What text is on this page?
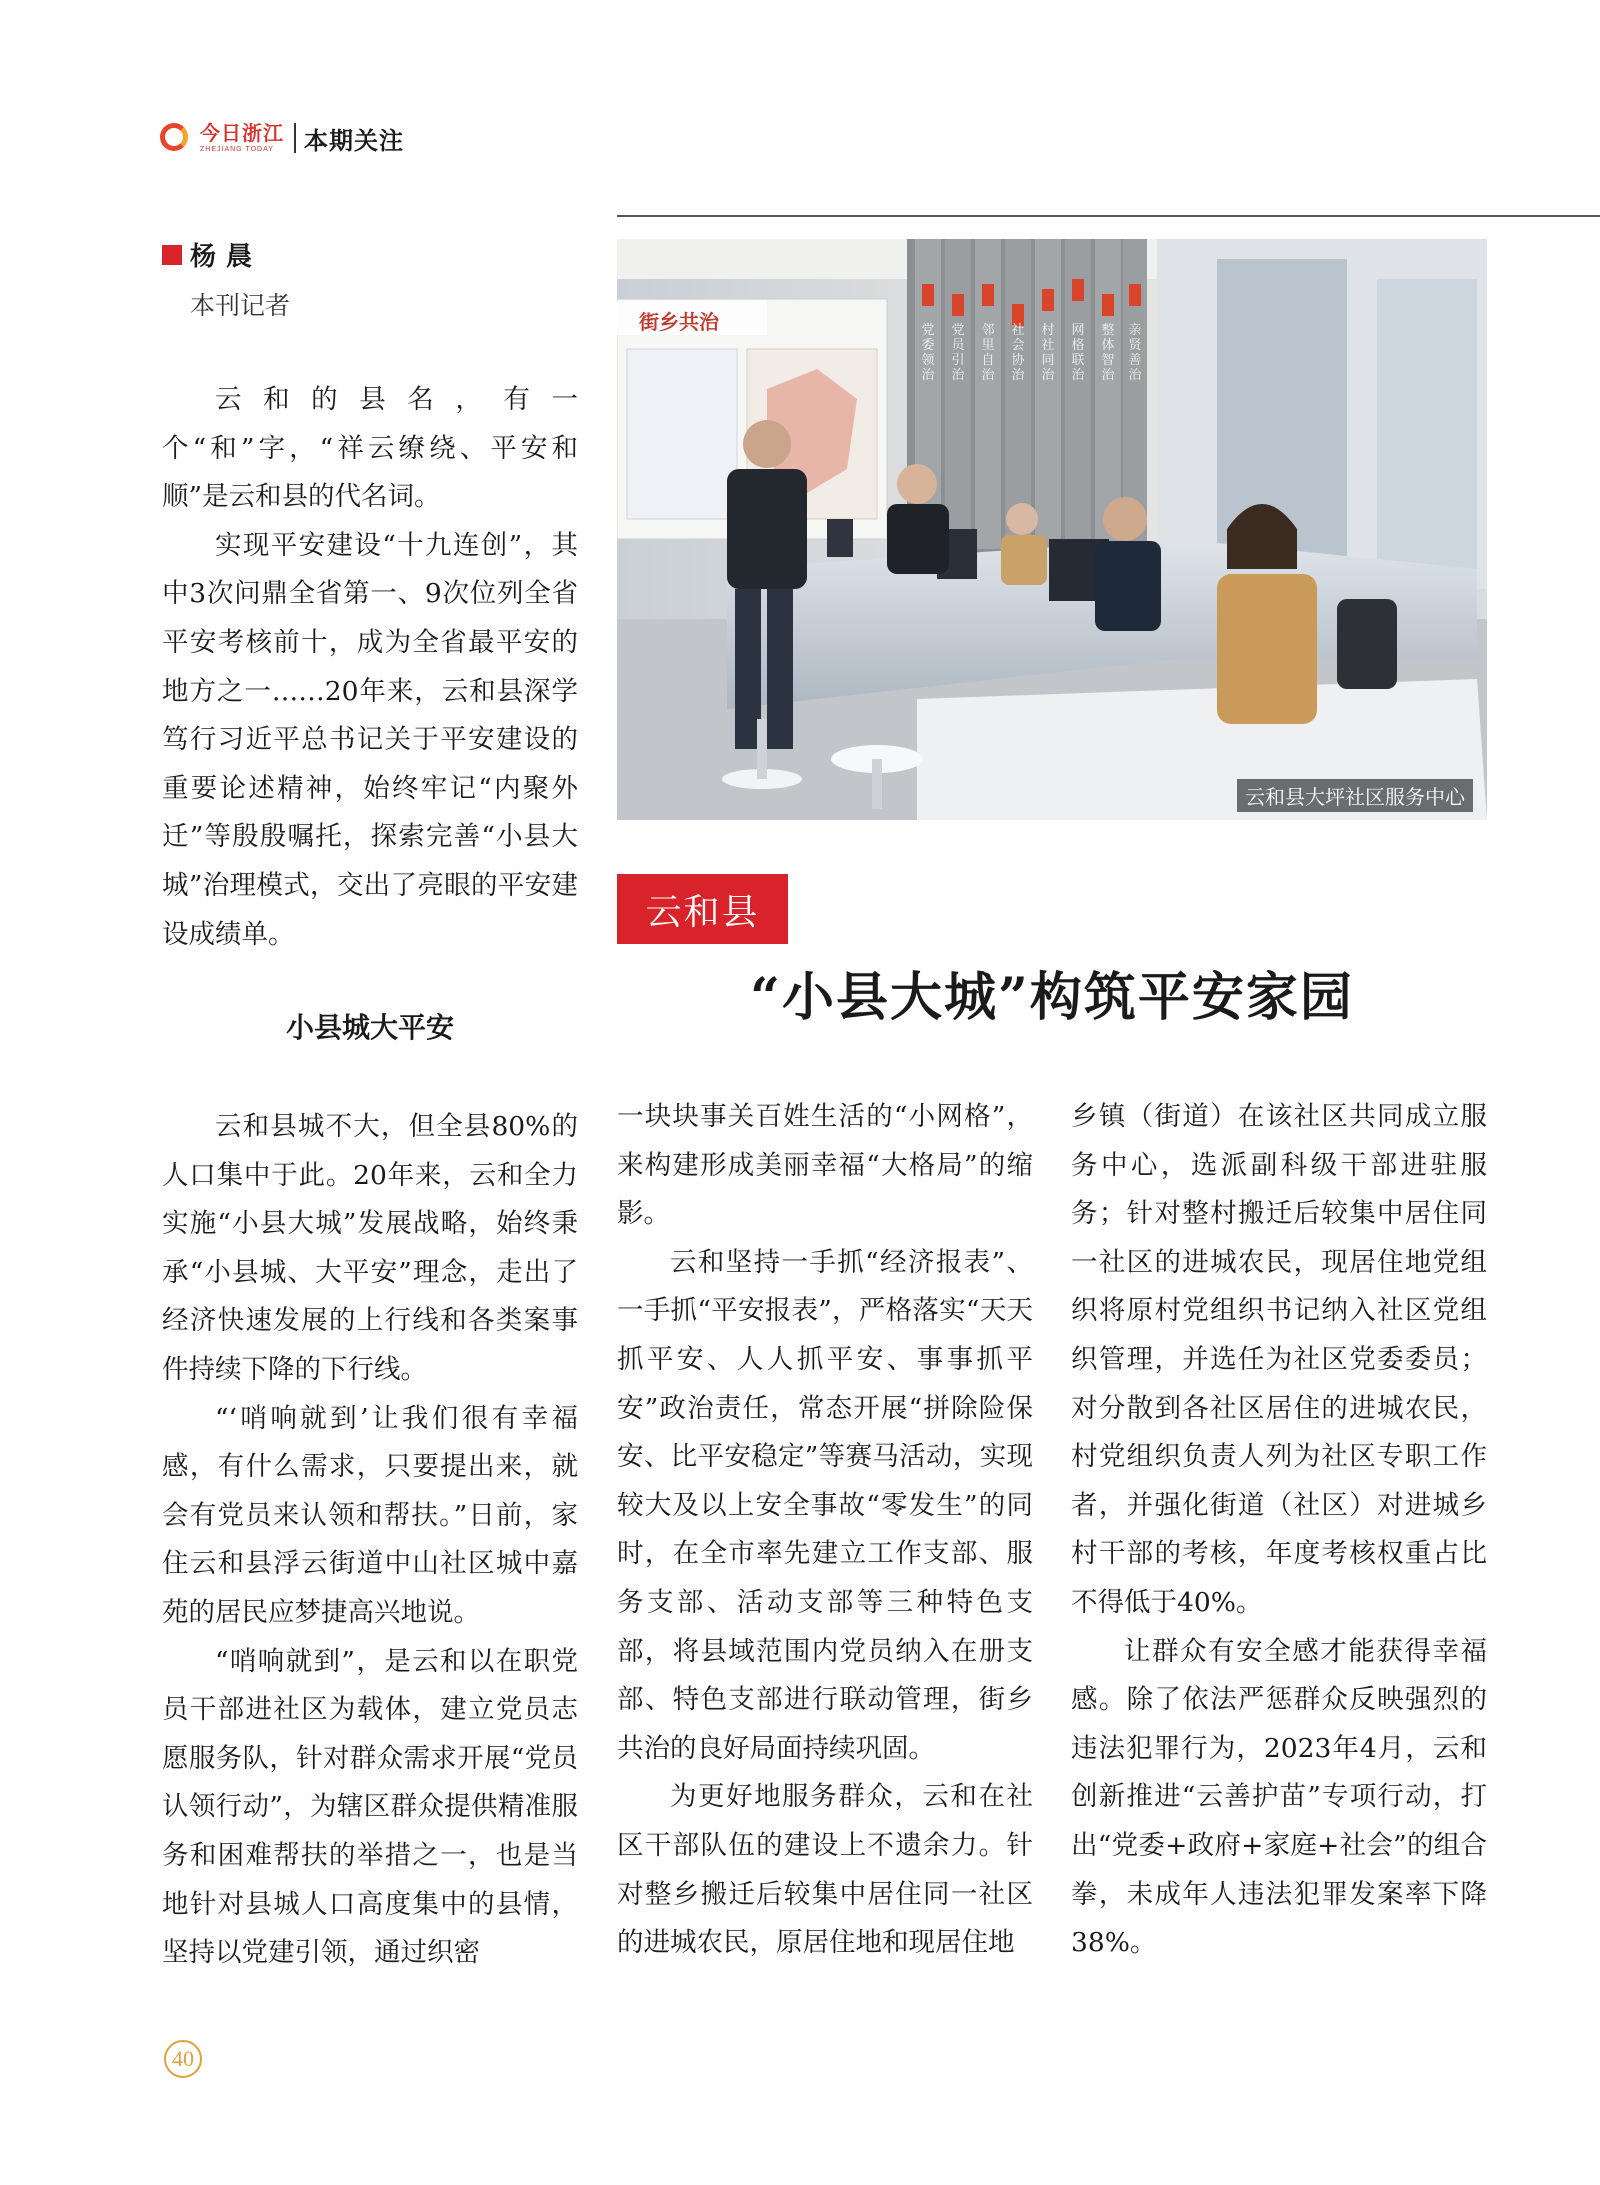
今日浙江
ZHEJIANG TODAY	本期关注
杨晨
本刊记者

云和的县名，有一个“和”字，“祥云缭绕、平安和顺”是云和县的代名词。

实现平安建设“十九连创”，其中3次问鼎全省第一、9次位列全省平安考核前十，成为全省最平安的地方之一……20年来，云和县深学笃行习近平总书记关于平安建设的重要论述精神，始终牢记“内聚外迁”等殷殷嘱托，探索完善“小县大城”治理模式，交出了亮眼的平安建设成绩单。

小县城大平安

云和县城不大，但全县80%的人口集中于此。20年来，云和全力实施“小县大城”发展战略，始终秉承“小县城、大平安”理念，走出了经济快速发展的上行线和各类案事件持续下降的下行线。

“‘哨响就到’让我们很有幸福感，有什么需求，只要提出来，就会有党员来认领和帮扶。”日前，家住云和县浮云街道中山社区城中嘉苑的居民应梦捷高兴地说。

“哨响就到”，是云和以在职党员干部进社区为载体，建立党员志愿服务队，针对群众需求开展“党员认领行动”，为辖区群众提供精准服务和困难帮扶的举措之一，也是当地针对县城人口高度集中的县情，坚持以党建引领，通过织密

街乡共治	党委领治
党员引治
邻里自治
社会协治
村社同治
网格联治
整体智治
亲贤善治
云和县大坪社区服务中心
云和县
“小县大城”构筑平安家园

一块块事关百姓生活的“小网格”，来构建形成美丽幸福“大格局”的缩影。

云和坚持一手抓“经济报表”、一手抓“平安报表”，严格落实“天天抓平安、人人抓平安、事事抓平安”政治责任，常态开展“拼除险保安、比平安稳定”等赛马活动，实现较大及以上安全事故“零发生”的同时，在全市率先建立工作支部、服务支部、活动支部等三种特色支部，将县域范围内党员纳入在册支部、特色支部进行联动管理，街乡共治的良好局面持续巩固。

为更好地服务群众，云和在社区干部队伍的建设上不遗余力。针对整乡搬迁后较集中居住同一社区的进城农民，原居住地和现居住地

乡镇（街道）在该社区共同成立服务中心，选派副科级干部进驻服务；针对整村搬迁后较集中居住同一社区的进城农民，现居住地党组织将原村党组织书记纳入社区党组织管理，并选任为社区党委委员；对分散到各社区居住的进城农民，村党组织负责人列为社区专职工作者，并强化街道（社区）对进城乡村干部的考核，年度考核权重占比不得低于40%。

让群众有安全感才能获得幸福感。除了依法严惩群众反映强烈的违法犯罪行为，2023年4月，云和创新推进“云善护苗”专项行动，打出“党委+政府+家庭+社会”的组合拳，未成年人违法犯罪发案率下降38%。

40
